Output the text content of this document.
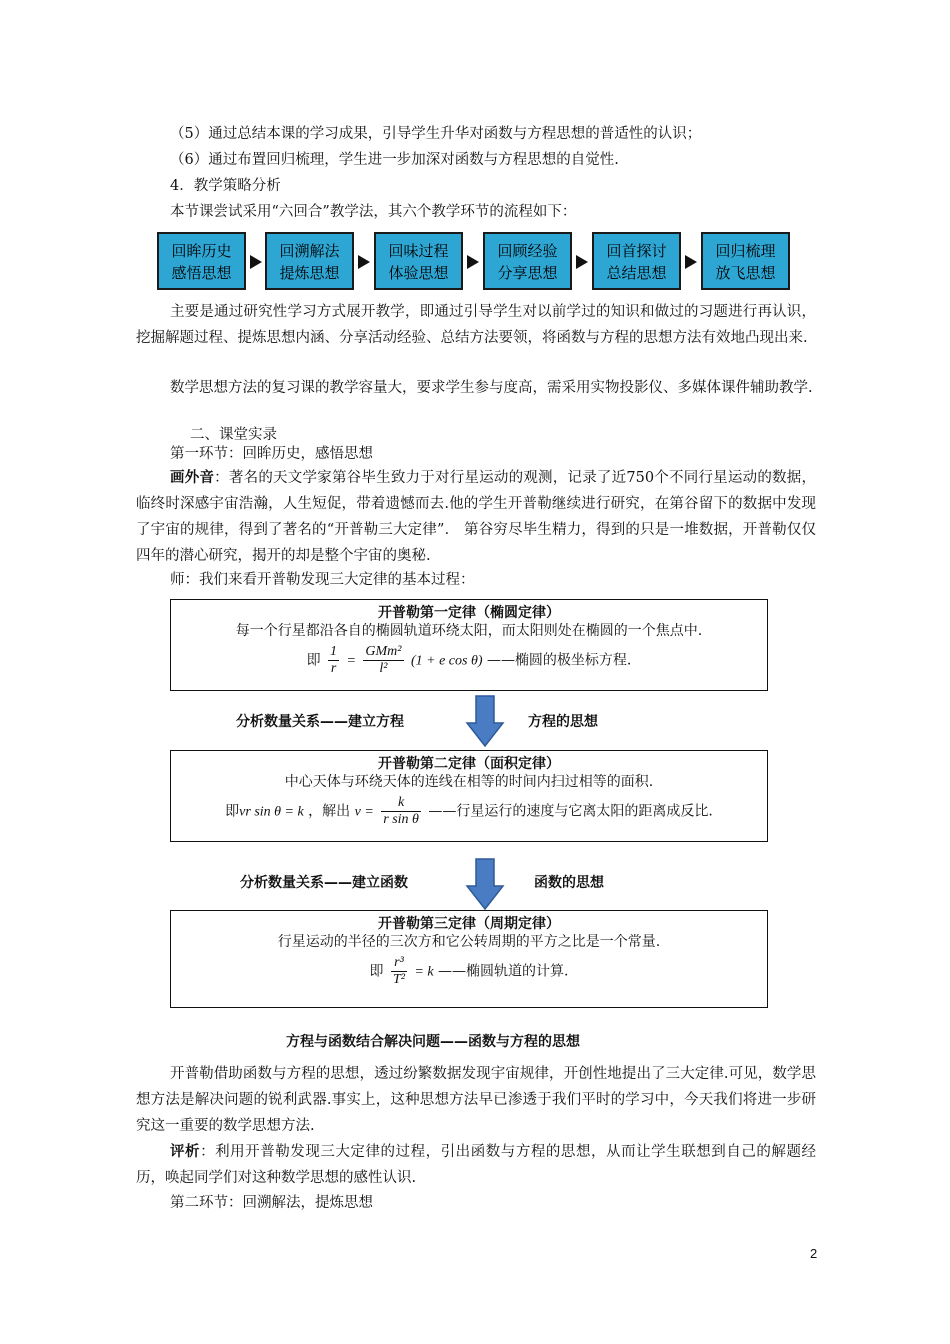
（5）通过总结本课的学习成果，引导学生升华对函数与方程思想的普适性的认识；
（6）通过布置回归梳理，学生进一步加深对函数与方程思想的自觉性.
4．教学策略分析
本节课尝试采用“六回合”教学法，其六个教学环节的流程如下：
回眸历史
感悟思想
回溯解法
提炼思想
回味过程
体验思想
回顾经验
分享思想
回首探讨
总结思想
回归梳理
放飞思想
主要是通过研究性学习方式展开教学，即通过引导学生对以前学过的知识和做过的习题进行再认识，挖掘解题过程、提炼思想内涵、分享活动经验、总结方法要领，将函数与方程的思想方法有效地凸现出来.
数学思想方法的复习课的教学容量大，要求学生参与度高，需采用实物投影仪、多媒体课件辅助教学.
二、课堂实录
第一环节：回眸历史，感悟思想
画外音：著名的天文学家第谷毕生致力于对行星运动的观测，记录了近750个不同行星运动的数据，临终时深感宇宙浩瀚，人生短促，带着遗憾而去.他的学生开普勒继续进行研究，在第谷留下的数据中发现了宇宙的规律，得到了著名的“开普勒三大定律”． 第谷穷尽毕生精力，得到的只是一堆数据，开普勒仅仅四年的潜心研究，揭开的却是整个宇宙的奥秘.
师：我们来看开普勒发现三大定律的基本过程：
开普勒第一定律（椭圆定律）
每一个行星都沿各自的椭圆轨道环绕太阳，而太阳则处在椭圆的一个焦点中.
即 $\frac{1}{r} = \frac{\text{GMm²}}{\text{l²}} (1 + e$ cos θ) ——椭圆的极坐标方程.
分析数量关系——建立方程	方程的思想
开普勒第二定律（面积定律）
中心天体与环绕天体的连线在相等的时间内扫过相等的面积.
即vr sin θ = k ，解出 $v = \frac{k}{\text{r sin θ}}$ ——行星运行的速度与它离太阳的距离成反比.
分析数量关系——建立函数	函数的思想
开普勒第三定律（周期定律）
行星运动的半径的三次方和它公转周期的平方之比是一个常量.
即 $\frac{\text{r³}}{\text{T²}} = k$ ——椭圆轨道的计算.
方程与函数结合解决问题——函数与方程的思想
开普勒借助函数与方程的思想，透过纷繁数据发现宇宙规律，开创性地提出了三大定律.可见，数学思想方法是解决问题的锐利武器.事实上，这种思想方法早已渗透于我们平时的学习中，今天我们将进一步研究这一重要的数学思想方法.
评析：利用开普勒发现三大定律的过程，引出函数与方程的思想，从而让学生联想到自己的解题经历，唤起同学们对这种数学思想的感性认识.
第二环节：回溯解法，提炼思想
2
